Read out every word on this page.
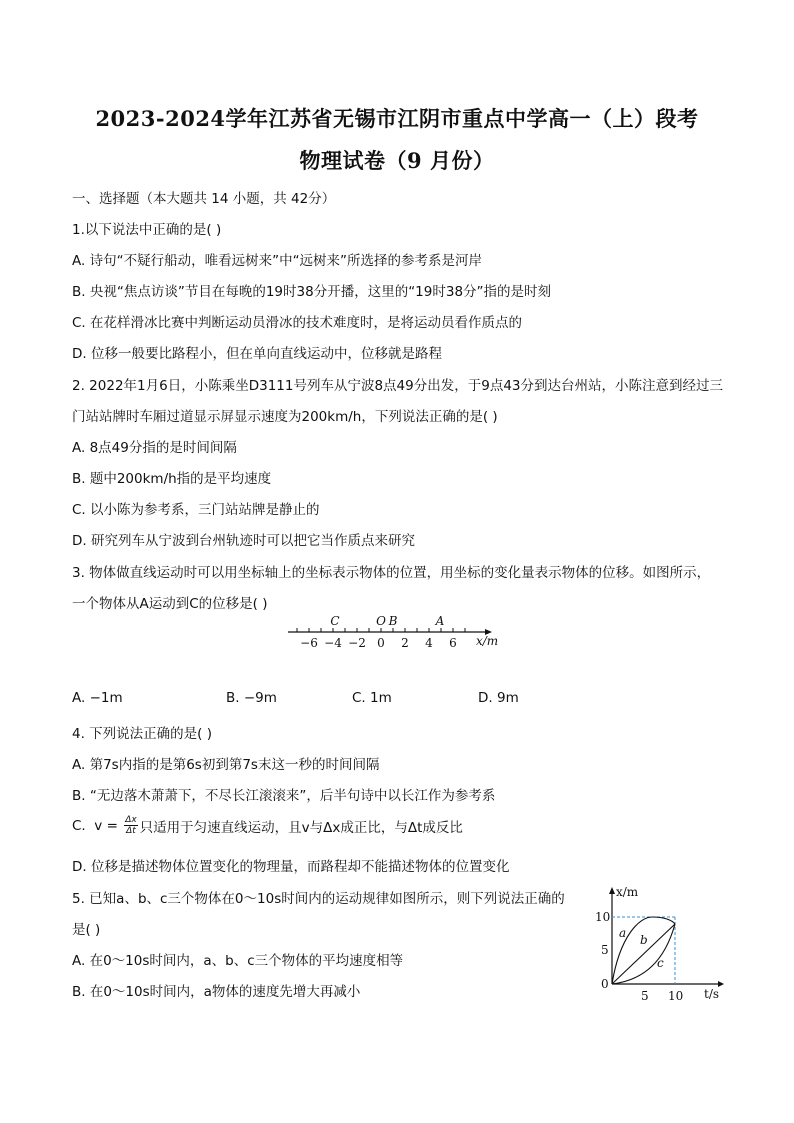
2023-2024学年江苏省无锡市江阴市重点中学高一（上）段考
物理试卷（9 月份）
一、选择题（本大题共 14 小题，共 42分）
1.以下说法中正确的是( )
A. 诗句“不疑行船动，唯看远树来”中“远树来”所选择的参考系是河岸
B. 央视“焦点访谈”节目在每晚的19时38分开播，这里的“19时38分”指的是时刻
C. 在花样滑冰比赛中判断运动员滑冰的技术难度时，是将运动员看作质点的
D. 位移一般要比路程小，但在单向直线运动中，位移就是路程
2. 2022年1月6日，小陈乘坐D3111号列车从宁波8点49分出发，于9点43分到达台州站，小陈注意到经过三
门站站牌时车厢过道显示屏显示速度为200km/h，下列说法正确的是( )
A. 8点49分指的是时间间隔
B. 题中200km/h指的是平均速度
C. 以小陈为参考系，三门站站牌是静止的
D. 研究列车从宁波到台州轨迹时可以把它当作质点来研究
3. 物体做直线运动时可以用坐标轴上的坐标表示物体的位置，用坐标的变化量表示物体的位移。如图所示，
一个物体从A运动到C的位移是( )
−6 −4 −2 0 2 4 6
C	O B	A
x/m
A. −1m	B. −9m	C. 1m	D. 9m
4. 下列说法正确的是( )
A. 第7s内指的是第6s初到第7s末这一秒的时间间隔
B. “无边落木萧萧下，不尽长江滚滚来”，后半句诗中以长江作为参考系
C.  $v = \frac{\Delta x}{\Delta t}$ 只适用于匀速直线运动，且v与Δx成正比，与Δt成反比
D. 位移是描述物体位置变化的物理量，而路程却不能描述物体的位置变化
5. 已知a、b、c三个物体在0～10s时间内的运动规律如图所示，则下列说法正确的
是( )
A. 在0～10s时间内，a、b、c三个物体的平均速度相等
B. 在0～10s时间内，a物体的速度先增大再减小
x/m
t/s
10
5
0
5 10
a b
c
